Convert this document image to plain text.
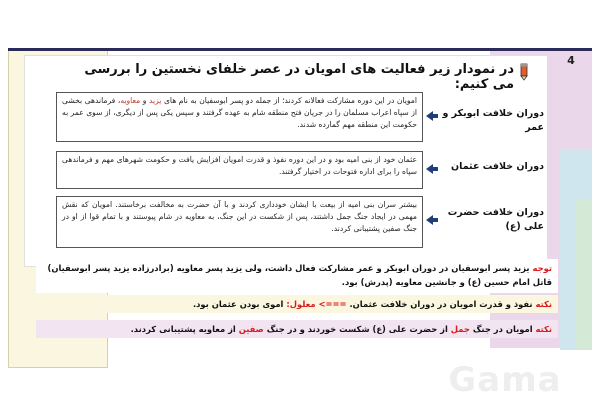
4
در نمودار زیر فعالیت های امویان در عصر خلفای نخستین را بررسی می کنیم:
دوران خلافت ابوبکر و عمر
امویان در این دوره مشارکت فعالانه کردند؛ از جمله دو پسر ابوسفیان به نام های یزید و معاویه، فرماندهی بخشی از سپاه اعراب مسلمان را در جریان فتح منطقه شام به عهده گرفتند و سپس یکی پس از دیگری، از سوی عمر به حکومت این منطقه مهم گمارده شدند.
دوران خلافت عثمان
عثمان خود از بنی امیه بود و در این دوره نفوذ و قدرت امویان افزایش یافت و حکومت شهرهای مهم و فرماندهی سپاه را برای اداره فتوحات در اختیار گرفتند.
دوران خلافت حضرت علی (ع)
بیشتر سران بنی امیه از بیعت با ایشان خودداری کردند و با آن حضرت به مخالفت برخاستند. امویان که نقش مهمی در ایجاد جنگ جمل داشتند، پس از شکست در این جنگ، به معاویه در شام پیوستند و با تمام قوا از او در جنگ صفین پشتیبانی کردند.
توجه یزید پسر ابوسفیان در دوران ابوبکر و عمر مشارکت فعال داشت، ولی یزید پسر معاویه (برادرزاده یزید پسر ابوسفیان) قاتل امام حسین (ع) و جانشین معاویه (پدرش) بود.
نکته نفوذ و قدرت امویان در دوران خلافت عثمان. ===> معلول: اموی بودن عثمان بود.
نکته امویان در جنگ جمل از حضرت علی (ع) شکست خوردند و در جنگ صفین از معاویه پشتیبانی کردند.
Gama
